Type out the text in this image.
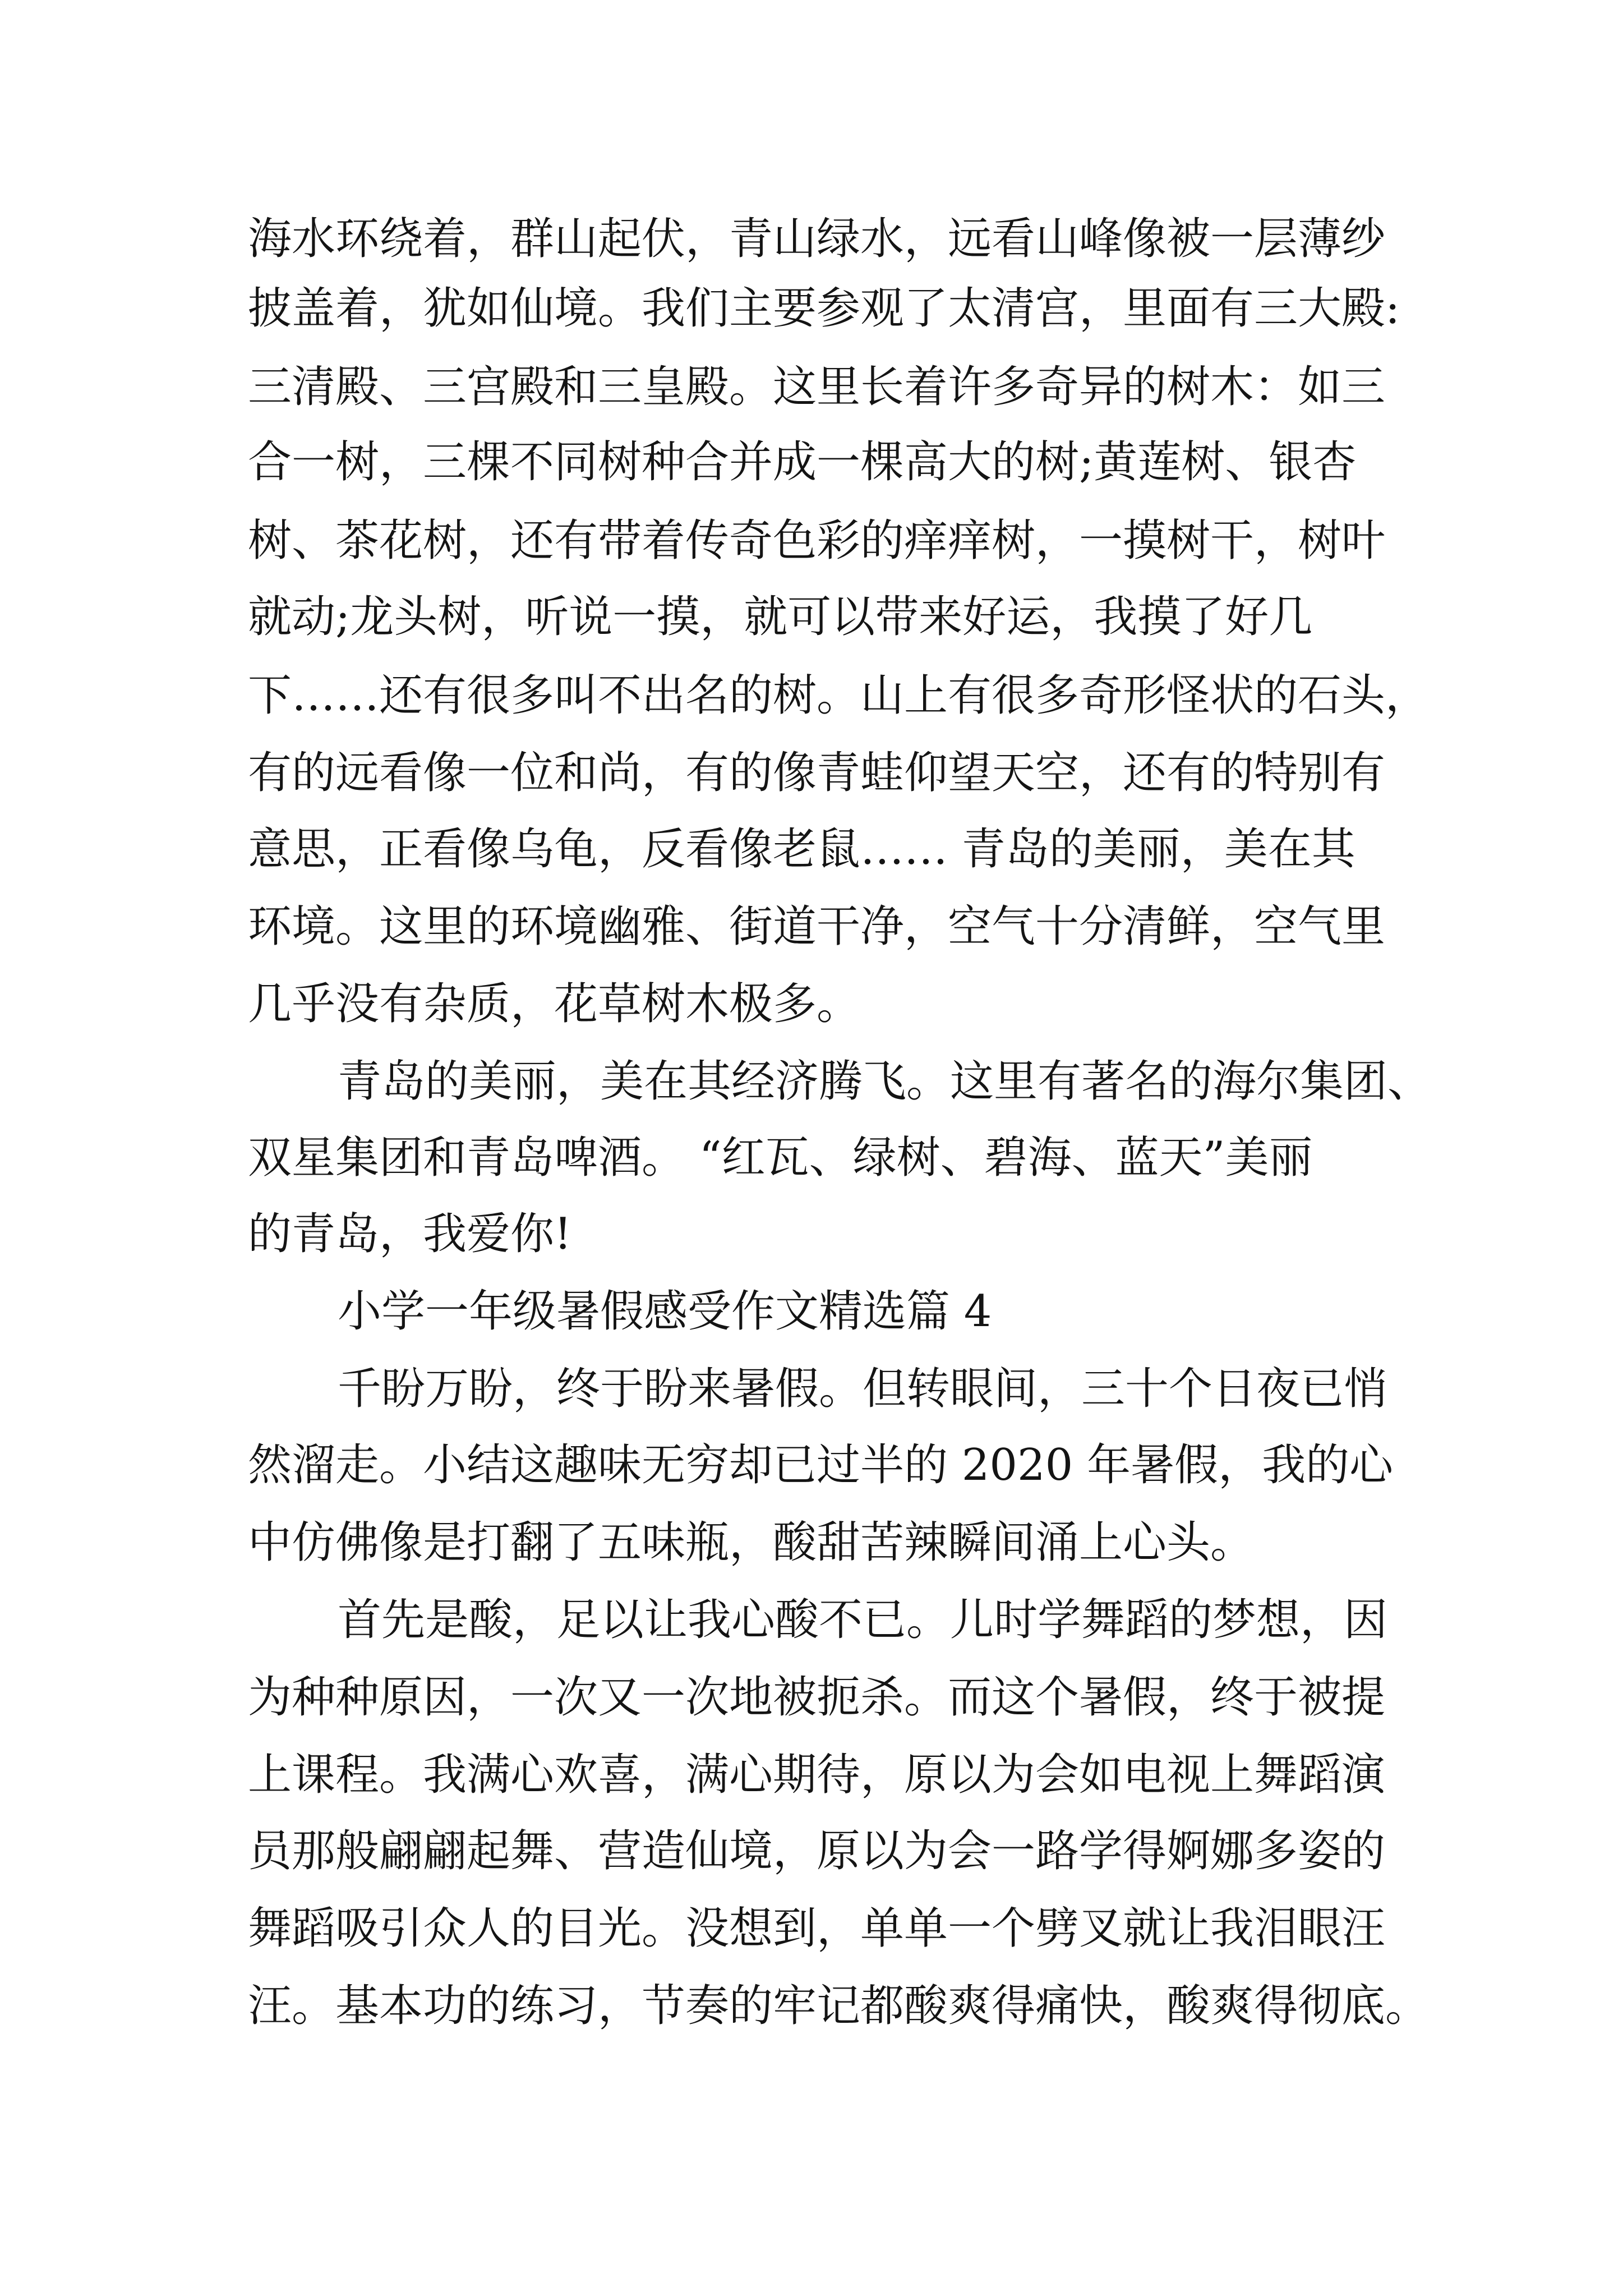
海水环绕着，群山起伏，青山绿水，远看山峰像被一层薄纱
披盖着，犹如仙境。我们主要参观了太清宫，里面有三大殿:
三清殿、三宫殿和三皇殿。这里长着许多奇异的树木：如三
合一树，三棵不同树种合并成一棵高大的树;黄莲树、银杏
树、茶花树，还有带着传奇色彩的痒痒树，一摸树干，树叶
就动;龙头树，听说一摸，就可以带来好运，我摸了好几
下……还有很多叫不出名的树。山上有很多奇形怪状的石头，
有的远看像一位和尚，有的像青蛙仰望天空，还有的特别有
意思，正看像乌龟，反看像老鼠…… 青岛的美丽，美在其
环境。这里的环境幽雅、街道干净，空气十分清鲜，空气里
几乎没有杂质，花草树木极多。
青岛的美丽，美在其经济腾飞。这里有著名的海尔集团、
双星集团和青岛啤酒。 “红瓦、绿树、碧海、蓝天”美丽
的青岛，我爱你!
小学一年级暑假感受作文精选篇 4
千盼万盼，终于盼来暑假。但转眼间，三十个日夜已悄
然溜走。小结这趣味无穷却已过半的 2020 年暑假，我的心
中仿佛像是打翻了五味瓶，酸甜苦辣瞬间涌上心头。
首先是酸，足以让我心酸不已。儿时学舞蹈的梦想，因
为种种原因，一次又一次地被扼杀。而这个暑假，终于被提
上课程。我满心欢喜，满心期待，原以为会如电视上舞蹈演
员那般翩翩起舞、营造仙境，原以为会一路学得婀娜多姿的
舞蹈吸引众人的目光。没想到，单单一个劈叉就让我泪眼汪
汪。基本功的练习，节奏的牢记都酸爽得痛快，酸爽得彻底。
